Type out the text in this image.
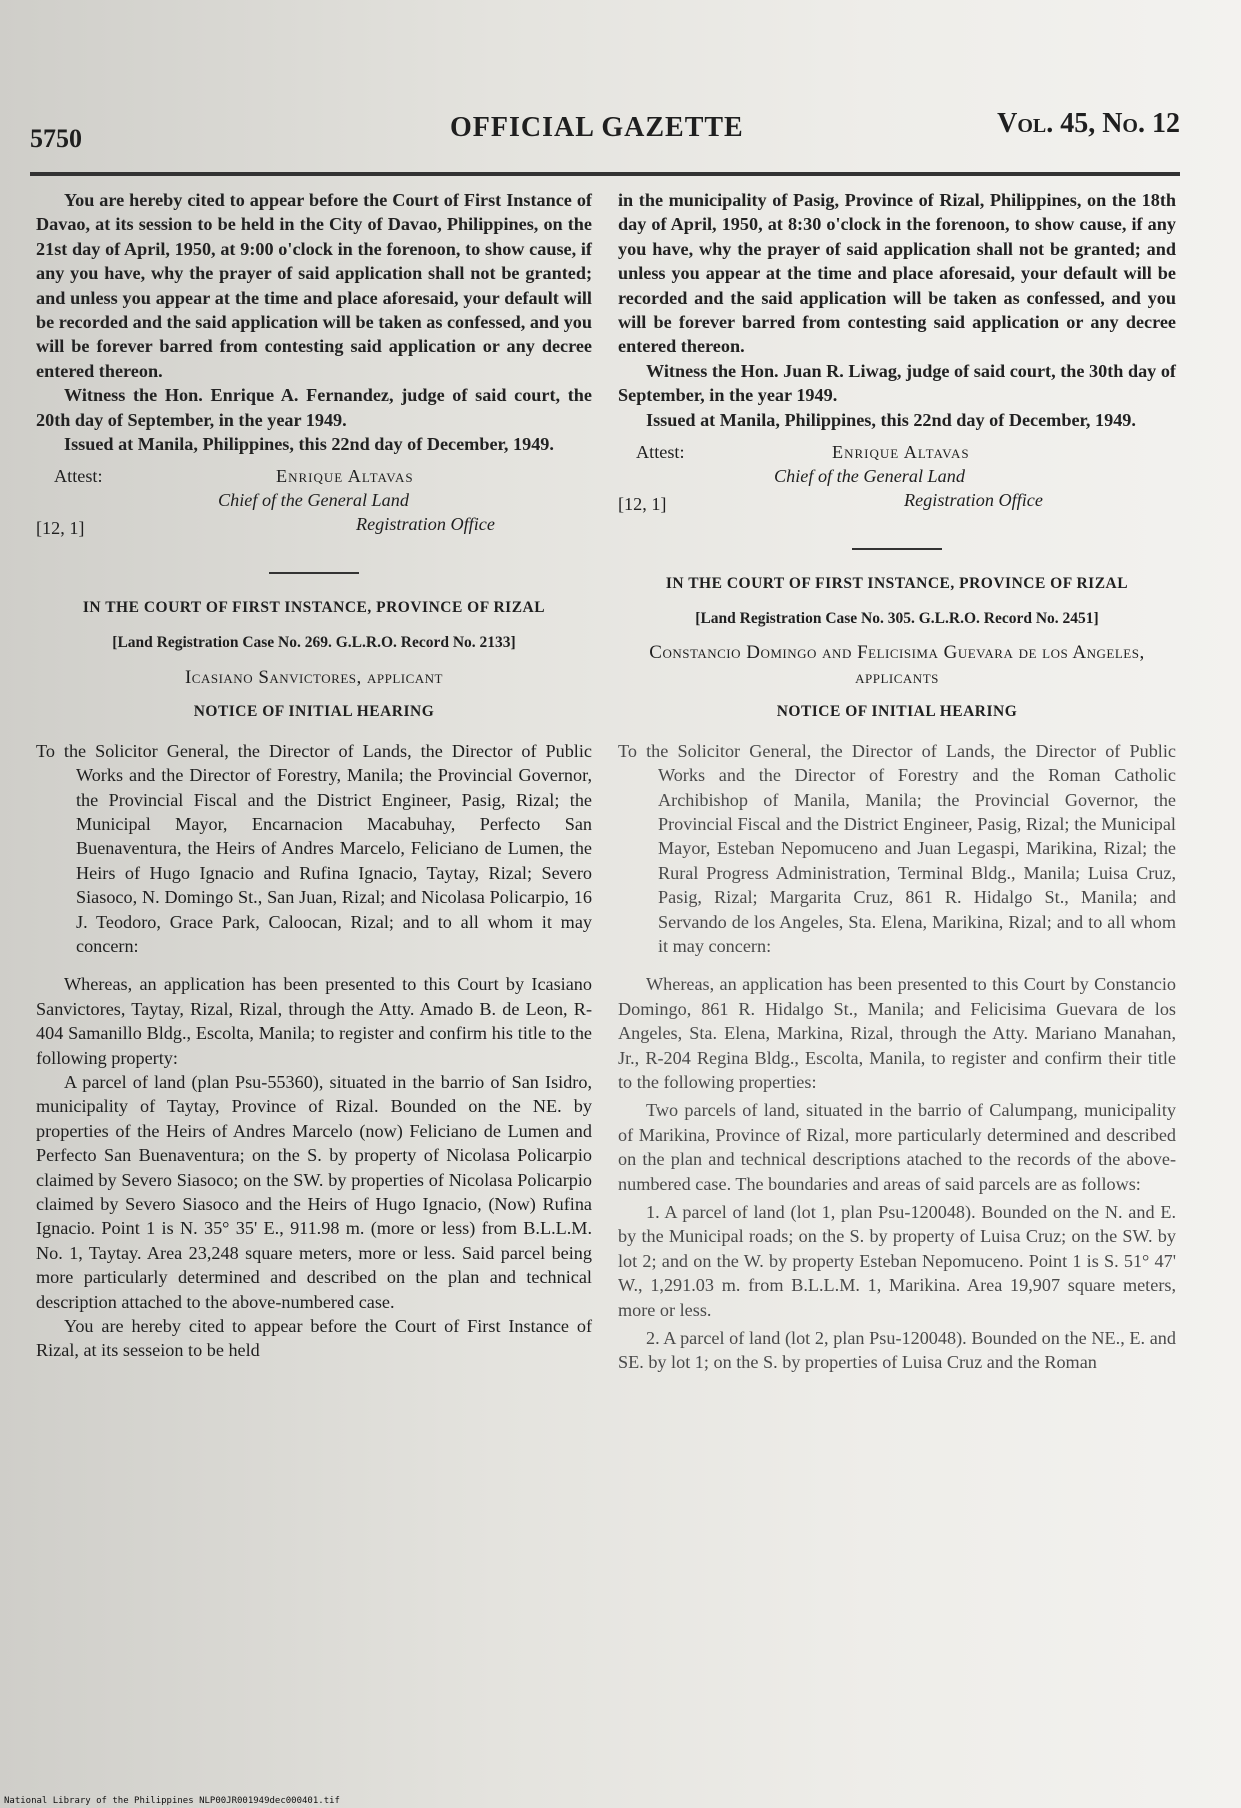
5750	OFFICIAL GAZETTE	Vol. 45, No. 12

You are hereby cited to appear before the Court of First Instance of Davao, at its session to be held in the City of Davao, Philippines, on the 21st day of April, 1950, at 9:00 o'clock in the forenoon, to show cause, if any you have, why the prayer of said application shall not be granted; and unless you appear at the time and place aforesaid, your default will be recorded and the said application will be taken as confessed, and you will be forever barred from contesting said application or any decree entered thereon.

Witness the Hon. Enrique A. Fernandez, judge of said court, the 20th day of September, in the year 1949.

Issued at Manila, Philippines, this 22nd day of December, 1949.

Attest:	Enrique Altavas
Chief of the General Land
Registration Office
[12, 1]

IN THE COURT OF FIRST INSTANCE, PROVINCE OF RIZAL

[Land Registration Case No. 269. G.L.R.O. Record No. 2133]

Icasiano Sanvictores, applicant

NOTICE OF INITIAL HEARING

To the Solicitor General, the Director of Lands, the Director of Public Works and the Director of Forestry, Manila; the Provincial Governor, the Provincial Fiscal and the District Engineer, Pasig, Rizal; the Municipal Mayor, Encarnacion Macabuhay, Perfecto San Buenaventura, the Heirs of Andres Marcelo, Feliciano de Lumen, the Heirs of Hugo Ignacio and Rufina Ignacio, Taytay, Rizal; Severo Siasoco, N. Domingo St., San Juan, Rizal; and Nicolasa Policarpio, 16 J. Teodoro, Grace Park, Caloocan, Rizal; and to all whom it may concern:

Whereas, an application has been presented to this Court by Icasiano Sanvictores, Taytay, Rizal, Rizal, through the Atty. Amado B. de Leon, R-404 Samanillo Bldg., Escolta, Manila; to register and confirm his title to the following property:

A parcel of land (plan Psu-55360), situated in the barrio of San Isidro, municipality of Taytay, Province of Rizal. Bounded on the NE. by properties of the Heirs of Andres Marcelo (now) Feliciano de Lumen and Perfecto San Buenaventura; on the S. by property of Nicolasa Policarpio claimed by Severo Siasoco; on the SW. by properties of Nicolasa Policarpio claimed by Severo Siasoco and the Heirs of Hugo Ignacio, (Now) Rufina Ignacio. Point 1 is N. 35° 35' E., 911.98 m. (more or less) from B.L.L.M. No. 1, Taytay. Area 23,248 square meters, more or less. Said parcel being more particularly determined and described on the plan and technical description attached to the above-numbered case.

You are hereby cited to appear before the Court of First Instance of Rizal, at its sesseion to be held

in the municipality of Pasig, Province of Rizal, Philippines, on the 18th day of April, 1950, at 8:30 o'clock in the forenoon, to show cause, if any you have, why the prayer of said application shall not be granted; and unless you appear at the time and place aforesaid, your default will be recorded and the said application will be taken as confessed, and you will be forever barred from contesting said application or any decree entered thereon.

Witness the Hon. Juan R. Liwag, judge of said court, the 30th day of September, in the year 1949.

Issued at Manila, Philippines, this 22nd day of December, 1949.

Attest:	Enrique Altavas
Chief of the General Land
Registration Office
[12, 1]

IN THE COURT OF FIRST INSTANCE, PROVINCE OF RIZAL

[Land Registration Case No. 305. G.L.R.O. Record No. 2451]

Constancio Domingo and Felicisima Guevara de los Angeles, applicants

NOTICE OF INITIAL HEARING

To the Solicitor General, the Director of Lands, the Director of Public Works and the Director of Forestry and the Roman Catholic Archibishop of Manila, Manila; the Provincial Governor, the Provincial Fiscal and the District Engineer, Pasig, Rizal; the Municipal Mayor, Esteban Nepomuceno and Juan Legaspi, Marikina, Rizal; the Rural Progress Administration, Terminal Bldg., Manila; Luisa Cruz, Pasig, Rizal; Margarita Cruz, 861 R. Hidalgo St., Manila; and Servando de los Angeles, Sta. Elena, Marikina, Rizal; and to all whom it may concern:

Whereas, an application has been presented to this Court by Constancio Domingo, 861 R. Hidalgo St., Manila; and Felicisima Guevara de los Angeles, Sta. Elena, Markina, Rizal, through the Atty. Mariano Manahan, Jr., R-204 Regina Bldg., Escolta, Manila, to register and confirm their title to the following properties:

Two parcels of land, situated in the barrio of Calumpang, municipality of Marikina, Province of Rizal, more particularly determined and described on the plan and technical descriptions atached to the records of the above-numbered case. The boundaries and areas of said parcels are as follows:

1. A parcel of land (lot 1, plan Psu-120048). Bounded on the N. and E. by the Municipal roads; on the S. by property of Luisa Cruz; on the SW. by lot 2; and on the W. by property Esteban Nepomuceno. Point 1 is S. 51° 47' W., 1,291.03 m. from B.L.L.M. 1, Marikina. Area 19,907 square meters, more or less.

2. A parcel of land (lot 2, plan Psu-120048). Bounded on the NE., E. and SE. by lot 1; on the S. by properties of Luisa Cruz and the Roman

National Library of the Philippines NLP00JR001949dec000401.tif
